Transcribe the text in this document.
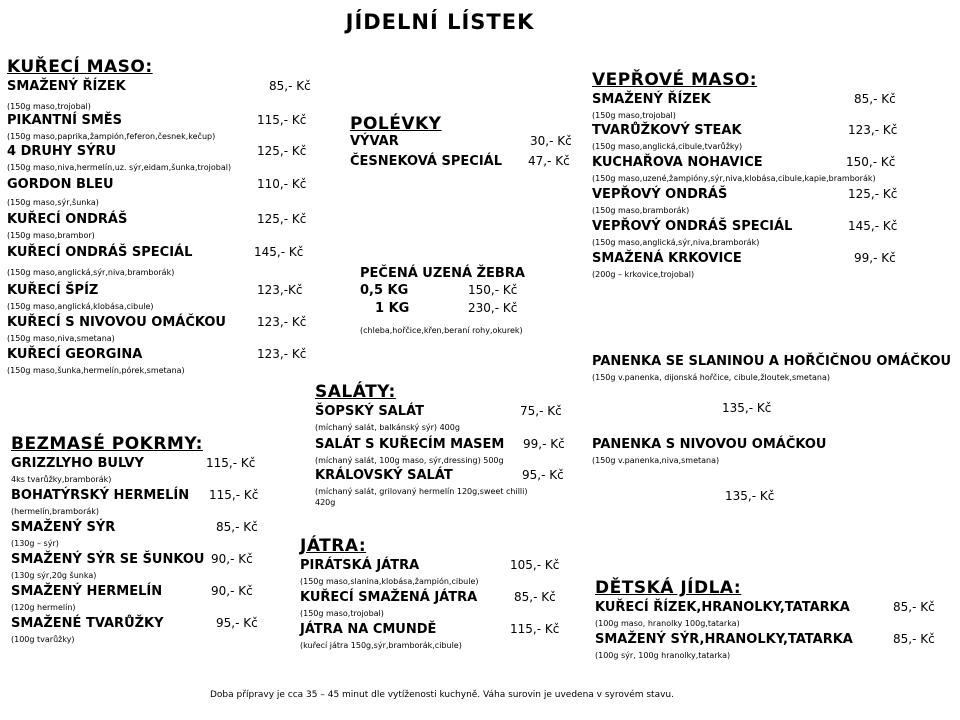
JÍDELNÍ LÍSTEK
KUŘECÍ MASO:
SMAŽENÝ ŘÍZEK	85,- Kč
(150g maso,trojobal)
PIKANTNÍ SMĚS	115,- Kč
(150g maso,paprika,žampión,feferon,česnek,kečup)
4 DRUHY SÝRU	125,- Kč
(150g maso,niva,hermelín,uz. sýr,eidam,šunka,trojobal)
GORDON BLEU	110,- Kč
(150g maso,sýr,šunka)
KUŘECÍ ONDRÁŠ	125,- Kč
(150g maso,brambor)
KUŘECÍ ONDRÁŠ SPECIÁL	145,- Kč
(150g maso,anglická,sýr,niva,bramborák)
KUŘECÍ ŠPÍZ	123,-Kč
(150g maso,anglická,klobása,cibule)
KUŘECÍ S NIVOVOU OMÁČKOU	123,- Kč
(150g maso,niva,smetana)
KUŘECÍ GEORGINA	123,- Kč
(150g maso,šunka,hermelín,pórek,smetana)
BEZMASÉ POKRMY:
GRIZZLYHO BULVY	115,- Kč
4ks tvarůžky,bramborák)
BOHATÝRSKÝ HERMELÍN 115,- Kč
(hermelín,bramborák)
SMAŽENÝ SÝR	85,- Kč
(130g – sýr)
SMAŽENÝ SÝR SE ŠUNKOU 90,- Kč
(130g sýr,20g šunka)
SMAŽENÝ HERMELÍN	90,- Kč
(120g hermelín)
SMAŽENÉ TVARŮŽKY	95,- Kč
(100g tvarůžky)
POLÉVKY
VÝVAR	30,- Kč
ČESNEKOVÁ SPECIÁL 47,- Kč
PEČENÁ UZENÁ ŽEBRA
0,5 KG	150,- Kč
1 KG	230,- Kč
(chleba,hořčice,křen,beraní rohy,okurek)
SALÁTY:
ŠOPSKÝ SALÁT	75,- Kč
(míchaný salát, balkánský sýr) 400g
SALÁT S KUŘECÍM MASEM 99,- Kč
(míchaný salát, 100g maso, sýr,dressing) 500g
KRÁLOVSKÝ SALÁT	95,- Kč
(míchaný salát, grilovaný hermelín 120g,sweet chilli) 420g
JÁTRA:
PIRÁTSKÁ JÁTRA	105,- Kč
(150g maso,slanina,klobása,žampión,cibule)
KUŘECÍ SMAŽENÁ JÁTRA	85,- Kč
(150g maso,trojobal)
JÁTRA NA CMUNDĚ	115,- Kč
(kuřecí játra 150g,sýr,bramborák,cibule)
VEPŘOVÉ MASO:
SMAŽENÝ ŘÍZEK	85,- Kč
(150g maso,trojobal)
TVARŮŽKOVÝ STEAK	123,- Kč
(150g maso,anglická,cibule,tvarůžky)
KUCHAŘOVA NOHAVICE	150,- Kč
(150g maso,uzené,žampióny,sýr,niva,klobása,cibule,kapie,bramborák)
VEPŘOVÝ ONDRÁŠ	125,- Kč
(150g maso,bramborák)
VEPŘOVÝ ONDRÁŠ SPECIÁL	145,- Kč
(150g maso,anglická,sýr,niva,bramborák)
SMAŽENÁ KRKOVICE	99,- Kč
(200g – krkovice,trojobal)
PANENKA SE SLANINOU A HOŘČIČNOU OMÁČKOU
(150g v.panenka, dijonská hořčice, cibule,žloutek,smetana)
135,- Kč
PANENKA S NIVOVOU OMÁČKOU
(150g v.panenka,niva,smetana)
135,- Kč
DĚTSKÁ JÍDLA:
KUŘECÍ ŘÍZEK,HRANOLKY,TATARKA	85,- Kč
(100g maso, hranolky 100g,tatarka)
SMAŽENÝ SÝR,HRANOLKY,TATARKA	85,- Kč
(100g sýr, 100g hranolky,tatarka)
Doba přípravy je cca 35 – 45 minut dle vytíženosti kuchyně. Váha surovin je uvedena v syrovém stavu.
